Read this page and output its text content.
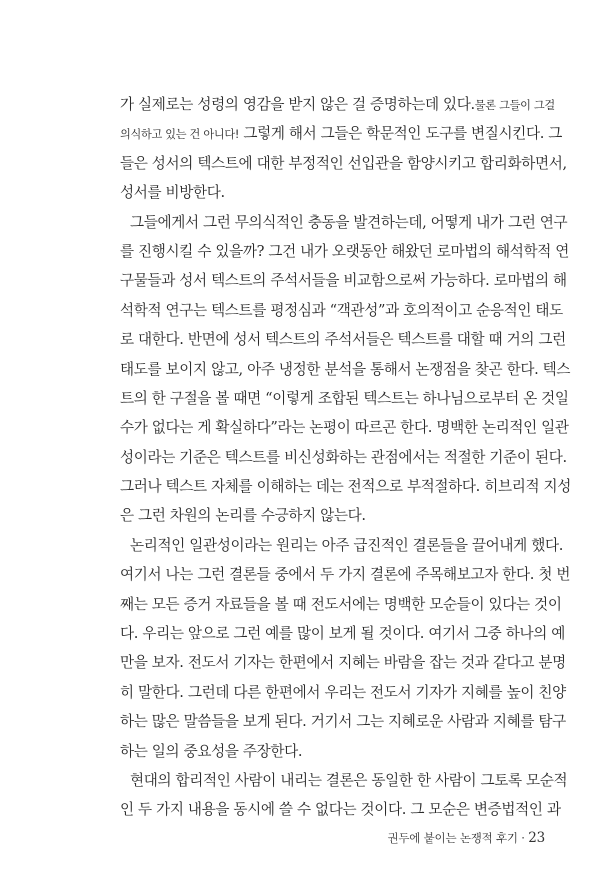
가 실제로는 성령의 영감을 받지 않은 걸 증명하는데 있다.물론 그들이 그걸
의식하고 있는 건 아니다! 그렇게 해서 그들은 학문적인 도구를 변질시킨다. 그
들은 성서의 텍스트에 대한 부정적인 선입관을 함양시키고 합리화하면서,
성서를 비방한다.
그들에게서 그런 무의식적인 충동을 발견하는데, 어떻게 내가 그런 연구
를 진행시킬 수 있을까? 그건 내가 오랫동안 해왔던 로마법의 해석학적 연
구물들과 성서 텍스트의 주석서들을 비교함으로써 가능하다. 로마법의 해
석학적 연구는 텍스트를 평정심과 “객관성”과 호의적이고 순응적인 태도
로 대한다. 반면에 성서 텍스트의 주석서들은 텍스트를 대할 때 거의 그런
태도를 보이지 않고, 아주 냉정한 분석을 통해서 논쟁점을 찾곤 한다. 텍스
트의 한 구절을 볼 때면 “이렇게 조합된 텍스트는 하나님으로부터 온 것일
수가 없다는 게 확실하다”라는 논평이 따르곤 한다. 명백한 논리적인 일관
성이라는 기준은 텍스트를 비신성화하는 관점에서는 적절한 기준이 된다.
그러나 텍스트 자체를 이해하는 데는 전적으로 부적절하다. 히브리적 지성
은 그런 차원의 논리를 수긍하지 않는다.
논리적인 일관성이라는 원리는 아주 급진적인 결론들을 끌어내게 했다.
여기서 나는 그런 결론들 중에서 두 가지 결론에 주목해보고자 한다. 첫 번
째는 모든 증거 자료들을 볼 때 전도서에는 명백한 모순들이 있다는 것이
다. 우리는 앞으로 그런 예를 많이 보게 될 것이다. 여기서 그중 하나의 예
만을 보자. 전도서 기자는 한편에서 지혜는 바람을 잡는 것과 같다고 분명
히 말한다. 그런데 다른 한편에서 우리는 전도서 기자가 지혜를 높이 친양
하는 많은 말씀들을 보게 된다. 거기서 그는 지혜로운 사람과 지혜를 탐구
하는 일의 중요성을 주장한다.
현대의 합리적인 사람이 내리는 결론은 동일한 한 사람이 그토록 모순적
인 두 가지 내용을 동시에 쓸 수 없다는 것이다. 그 모순은 변증법적인 과
권두에 붙이는 논쟁적 후기 · 23
